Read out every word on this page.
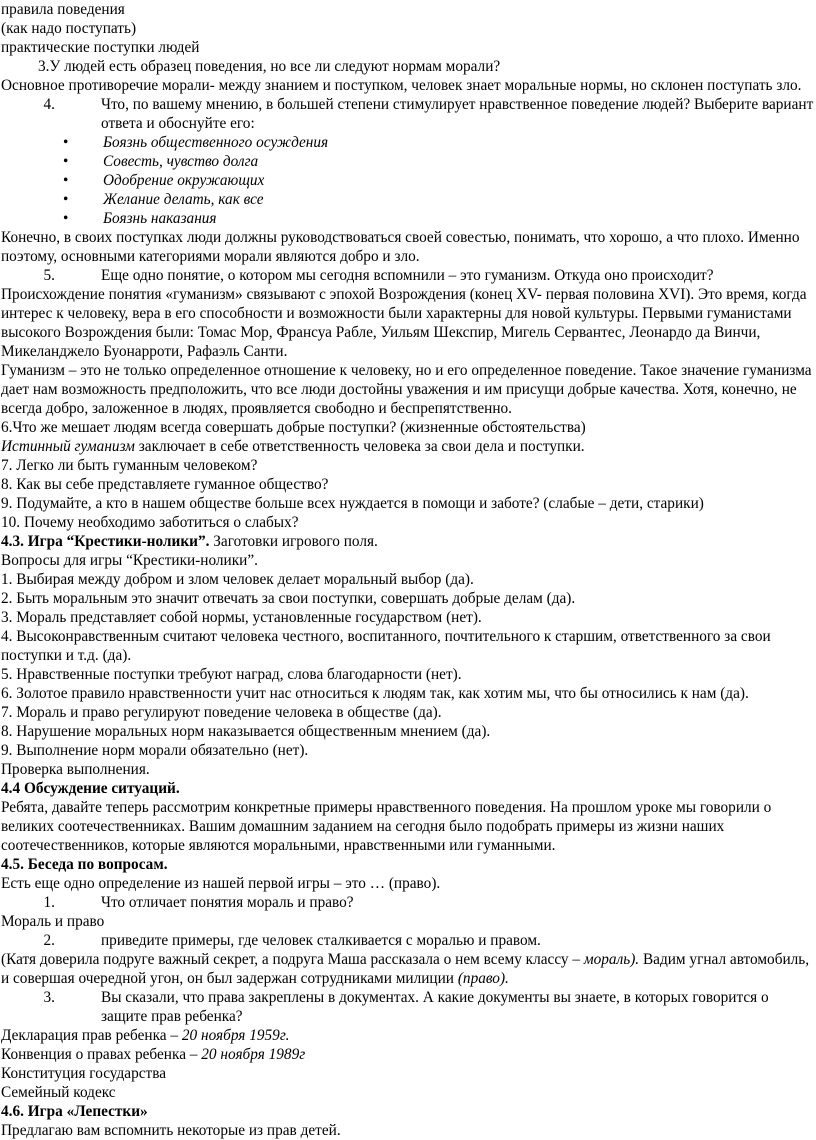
правила поведения

(как надо поступать)

практические поступки людей

3.У людей есть образец поведения, но все ли следуют нормам морали?

Основное противоречие морали- между знанием и поступком, человек знает моральные нормы, но склонен поступать зло.

4.	Что, по вашему мнению, в большей степени стимулирует нравственное поведение людей? Выберите вариант ответа и обоснуйте его:
•	Боязнь общественного осуждения
•	Совесть, чувство долга
•	Одобрение окружающих
•	Желание делать, как все
•	Боязнь наказания

Конечно, в своих поступках люди должны руководствоваться своей совестью, понимать, что хорошо, а что плохо. Именно поэтому, основными категориями морали являются добро и зло.

5.	Еще одно понятие, о котором мы сегодня вспомнили – это гуманизм. Откуда оно происходит?

Происхождение понятия «гуманизм» связывают с эпохой Возрождения (конец XV- первая половина XVI). Это время, когда интерес к человеку, вера в его способности и возможности были характерны для новой культуры. Первыми гуманистами высокого Возрождения были: Томас Мор, Франсуа Рабле, Уильям Шекспир, Мигель Сервантес, Леонардо да Винчи, Микеланджело Буонарроти, Рафаэль Санти.

Гуманизм – это не только определенное отношение к человеку, но и его определенное поведение. Такое значение гуманизма дает нам возможность предположить, что все люди достойны уважения и им присущи добрые качества. Хотя, конечно, не всегда добро, заложенное в людях, проявляется свободно и беспрепятственно.

6.Что же мешает людям всегда совершать добрые поступки? (жизненные обстоятельства)

Истинный гуманизм заключает в себе ответственность человека за свои дела и поступки.

7. Легко ли быть гуманным человеком?

8. Как вы себе представляете гуманное общество?

9. Подумайте, а кто в нашем обществе больше всех нуждается в помощи и заботе? (слабые – дети, старики)

10. Почему необходимо заботиться о слабых?

4.3. Игра “Крестики-нолики”. Заготовки игрового поля.

Вопросы для игры “Крестики-нолики”.

1. Выбирая между добром и злом человек делает моральный выбор (да).

2. Быть моральным это значит отвечать за свои поступки, совершать добрые делам (да).

3. Мораль представляет собой нормы, установленные государством (нет).

4. Высоконравственным считают человека честного, воспитанного, почтительного к старшим, ответственного за свои поступки и т.д. (да).

5. Нравственные поступки требуют наград, слова благодарности (нет).

6. Золотое правило нравственности учит нас относиться к людям так, как хотим мы, что бы относились к нам (да).

7. Мораль и право регулируют поведение человека в обществе (да).

8. Нарушение моральных норм наказывается общественным мнением (да).

9. Выполнение норм морали обязательно (нет).

Проверка выполнения.

4.4 Обсуждение ситуаций.

Ребята, давайте теперь рассмотрим конкретные примеры нравственного поведения. На прошлом уроке мы говорили о великих соотечественниках. Вашим домашним заданием на сегодня было подобрать примеры из жизни наших соотечественников, которые являются моральными, нравственными или гуманными.

4.5. Беседа по вопросам.

Есть еще одно определение из нашей первой игры – это … (право).

1.	Что отличает понятия мораль и право?

Мораль и право

2.	приведите примеры, где человек сталкивается с моралью и правом.

(Катя доверила подруге важный секрет, а подруга Маша рассказала о нем всему классу – мораль). Вадим угнал автомобиль, и совершая очередной угон, он был задержан сотрудниками милиции (право).

3.	Вы сказали, что права закреплены в документах. А какие документы вы знаете, в которых говорится о защите прав ребенка?

Декларация прав ребенка – 20 ноября 1959г.

Конвенция о правах ребенка – 20 ноября 1989г

Конституция государства

Семейный кодекс

4.6. Игра «Лепестки»

Предлагаю вам вспомнить некоторые из прав детей.
